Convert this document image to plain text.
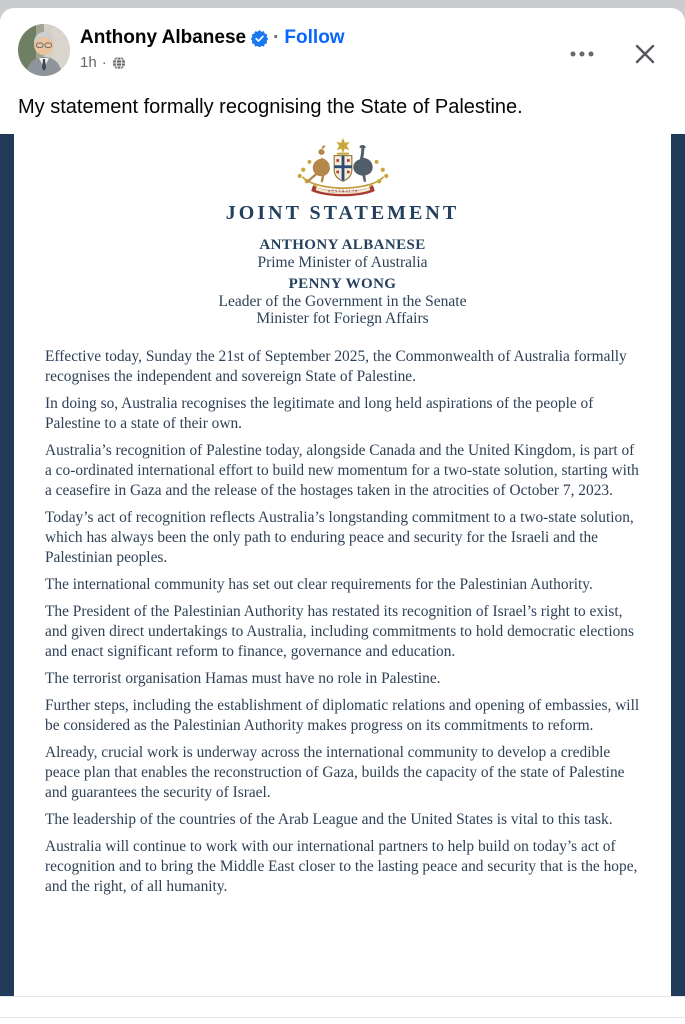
Anthony Albanese · Follow
1h ·
My statement formally recognising the State of Palestine.
AUSTRALIA
JOINT STATEMENT
ANTHONY ALBANESE
Prime Minister of Australia
PENNY WONG
Leader of the Government in the Senate
Minister fot Foriegn Affairs

Effective today, Sunday the 21st of September 2025, the Commonwealth of Australia formally recognises the independent and sovereign State of Palestine.

In doing so, Australia recognises the legitimate and long held aspirations of the people of Palestine to a state of their own.

Australia’s recognition of Palestine today, alongside Canada and the United Kingdom, is part of a co-ordinated international effort to build new momentum for a two-state solution, starting with a ceasefire in Gaza and the release of the hostages taken in the atrocities of October 7, 2023.

Today’s act of recognition reflects Australia’s longstanding commitment to a two-state solution, which has always been the only path to enduring peace and security for the Israeli and the Palestinian peoples.

The international community has set out clear requirements for the Palestinian Authority.

The President of the Palestinian Authority has restated its recognition of Israel’s right to exist, and given direct undertakings to Australia, including commitments to hold democratic elections and enact significant reform to finance, governance and education.

The terrorist organisation Hamas must have no role in Palestine.

Further steps, including the establishment of diplomatic relations and opening of embassies, will be considered as the Palestinian Authority makes progress on its commitments to reform.

Already, crucial work is underway across the international community to develop a credible peace plan that enables the reconstruction of Gaza, builds the capacity of the state of Palestine and guarantees the security of Israel.

The leadership of the countries of the Arab League and the United States is vital to this task.

Australia will continue to work with our international partners to help build on today’s act of recognition and to bring the Middle East closer to the lasting peace and security that is the hope, and the right, of all humanity.
